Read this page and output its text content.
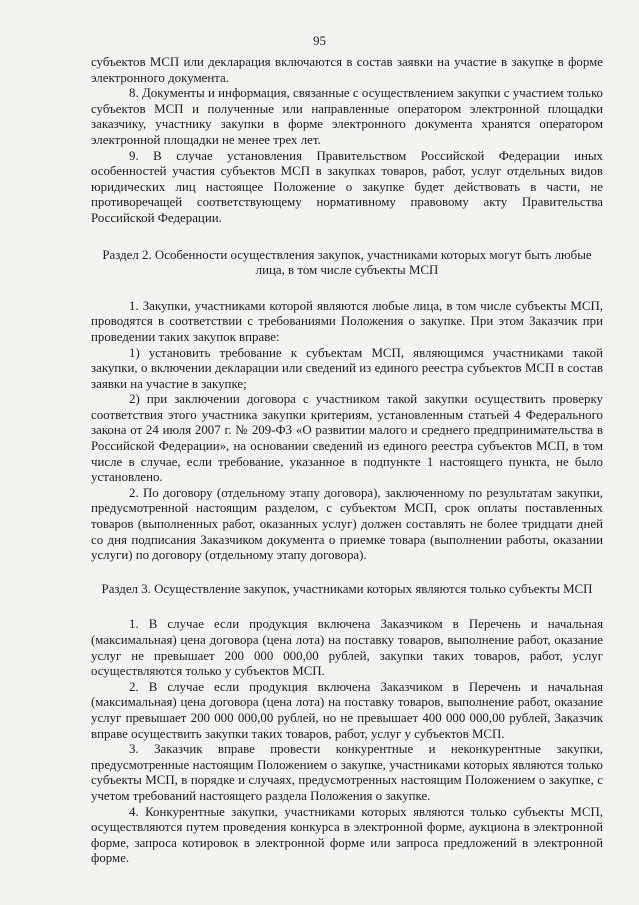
95

субъектов МСП или декларация включаются в состав заявки на участие в закупке в форме электронного документа.

8. Документы и информация, связанные с осуществлением закупки с участием только субъектов МСП и полученные или направленные оператором электронной площадки заказчику, участнику закупки в форме электронного документа хранятся оператором электронной площадки не менее трех лет.

9. В случае установления Правительством Российской Федерации иных особенностей участия субъектов МСП в закупках товаров, работ, услуг отдельных видов юридических лиц настоящее Положение о закупке будет действовать в части, не противоречащей соответствующему нормативному правовому акту Правительства Российской Федерации.

Раздел 2. Особенности осуществления закупок, участниками которых могут быть любые лица, в том числе субъекты МСП

1. Закупки, участниками которой являются любые лица, в том числе субъекты МСП, проводятся в соответствии с требованиями Положения о закупке. При этом Заказчик при проведении таких закупок вправе:

1) установить требование к субъектам МСП, являющимся участниками такой закупки, о включении декларации или сведений из единого реестра субъектов МСП в состав заявки на участие в закупке;

2) при заключении договора с участником такой закупки осуществить проверку соответствия этого участника закупки критериям, установленным статьей 4 Федерального закона от 24 июля 2007 г. № 209-ФЗ «О развитии малого и среднего предпринимательства в Российской Федерации», на основании сведений из единого реестра субъектов МСП, в том числе в случае, если требование, указанное в подпункте 1 настоящего пункта, не было установлено.

2. По договору (отдельному этапу договора), заключенному по результатам закупки, предусмотренной настоящим разделом, с субъектом МСП, срок оплаты поставленных товаров (выполненных работ, оказанных услуг) должен составлять не более тридцати дней со дня подписания Заказчиком документа о приемке товара (выполнении работы, оказании услуги) по договору (отдельному этапу договора).

Раздел 3. Осуществление закупок, участниками которых являются только субъекты МСП

1. В случае если продукция включена Заказчиком в Перечень и начальная (максимальная) цена договора (цена лота) на поставку товаров, выполнение работ, оказание услуг не превышает 200 000 000,00 рублей, закупки таких товаров, работ, услуг осуществляются только у субъектов МСП.

2. В случае если продукция включена Заказчиком в Перечень и начальная (максимальная) цена договора (цена лота) на поставку товаров, выполнение работ, оказание услуг превышает 200 000 000,00 рублей, но не превышает 400 000 000,00 рублей, Заказчик вправе осуществить закупки таких товаров, работ, услуг у субъектов МСП.

3. Заказчик вправе провести конкурентные и неконкурентные закупки, предусмотренные настоящим Положением о закупке, участниками которых являются только субъекты МСП, в порядке и случаях, предусмотренных настоящим Положением о закупке, с учетом требований настоящего раздела Положения о закупке.

4. Конкурентные закупки, участниками которых являются только субъекты МСП, осуществляются путем проведения конкурса в электронной форме, аукциона в электронной форме, запроса котировок в электронной форме или запроса предложений в электронной форме.
